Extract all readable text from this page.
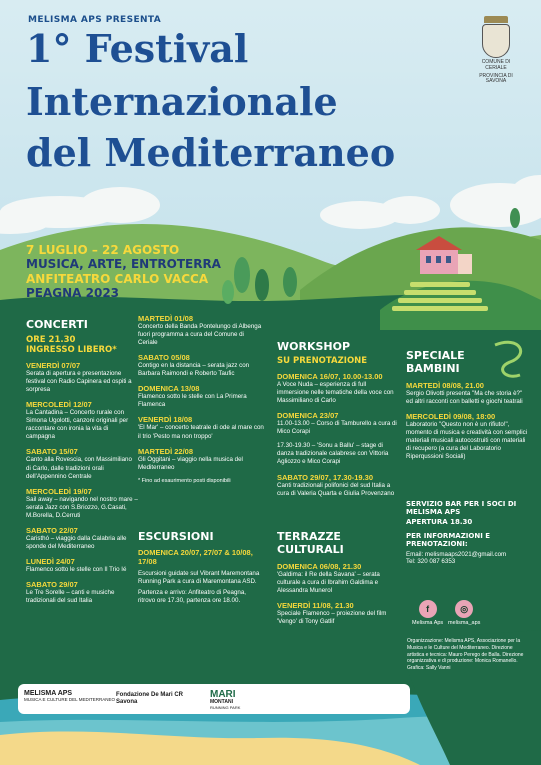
MELISMA APS PRESENTA
1° Festival
Internazionale
del Mediterraneo
COMUNE DI CERIALE
PROVINCIA DI SAVONA
7 LUGLIO – 22 AGOSTO
MUSICA, ARTE, ENTROTERRA
ANFITEATRO CARLO VACCA
PEAGNA 2023
CONCERTI
ORE 21.30
INGRESSO LIBERO*
VENERDÌ 07/07
Serata di apertura e presentazione festival con Radio Capinera ed ospiti a sorpresa
MERCOLEDÌ 12/07
La Cantadina – Concerto rurale con Simona Ugolotti, canzoni originali per raccontare con ironia la vita di campagna
SABATO 15/07
Canto alla Rovescia, con Massimiliano di Carlo, dalle tradizioni orali dell'Appennino Centrale
MERCOLEDÌ 19/07
Sail away – navigando nel nostro mare – serata Jazz con S.Briozzo, G.Casati, M.Borella, D.Cerruti
SABATO 22/07
Caristhó – viaggio dalla Calabria alle sponde del Mediterraneo
LUNEDÌ 24/07
Flamenco sotto le stelle con Il Trio Ié
SABATO 29/07
Le Tre Sorelle – canti e musiche tradizionali del sud Italia
MARTEDÌ 01/08
Concerto della Banda Pontelungo di Albenga fuori programma a cura del Comune di Ceriale
SABATO 05/08
Contigo en la distancia – serata jazz con Barbara Raimondi e Roberto Taufic
DOMENICA 13/08
Flamenco sotto le stelle con La Primera Flamenca
VENERDÌ 18/08
'El Mar' – concerto teatrale di ode al mare con il trio 'Pesto ma non troppo'
MARTEDÌ 22/08
Gli Oggitani – viaggio nella musica del Mediterraneo
* Fino ad esaurimento posti disponibili
ESCURSIONI
DOMENICA 20/07, 27/07 & 10/08, 17/08
Escursioni guidate sul Vibrant Maremontana Running Park a cura di Maremontana ASD.
Partenza e arrivo: Anfiteatro di Peagna, ritrovo ore 17.30, partenza ore 18.00.
WORKSHOP
SU PRENOTAZIONE
DOMENICA 16/07, 10.00-13.00
A Voce Nuda – esperienza di full immersione nelle tematiche della voce con Massimiliano di Carlo
DOMENICA 23/07
11.00-13.00 – Corso di Tamburello a cura di Mico Corapi
17.30-19.30 – 'Sonu a Ballu' – stage di danza tradizionale calabrese con Vittoria Agliozzo e Mico Corapi
SABATO 29/07, 17.30-19.30
Canti tradizionali polifonici del sud Italia a cura di Valeria Quarta e Giulia Provenzano
TERRAZZE
CULTURALI
DOMENICA 06/08, 21.30
'Galdima: il Re della Savana' – serata culturale a cura di Ibrahim Galdima e Alessandra Munerol
VENERDÌ 11/08, 21.30
Speciale Flamenco – proiezione del film 'Vengo' di Tony Gatlif
SPECIALE
BAMBINI
MARTEDÌ 08/08, 21.00
Sergio Olivotti presenta "Ma che storia è?" ed altri racconti con balletti e giochi teatrali
MERCOLEDÌ 09/08, 18:00
Laboratorio "Questo non è un rifiuto!", momento di musica e creatività con semplici materiali musicali autocostruiti con materiali di recupero (a cura del Laboratorio Riperqussioni Sociali)
SERVIZIO BAR PER I SOCI DI MELISMA APS
APERTURA 18.30
PER INFORMAZIONI E PRENOTAZIONI:
Email: melismaaps2021@gmail.com
Tel: 320 087 6353
f
Melisma Aps
◎
melisma_aps
Organizzazione: Melisma APS, Associazione per la Musica e le Culture del Mediterraneo. Direzione artistica e tecnica: Mauro Perego de Balla. Direzione organizzativa e di produzione: Monica Romanello. Grafica: Sally Vanni
MELISMA APS
MUSICA E CULTURE DEL MEDITERRANEO
Fondazione De Mari CR Savona
MARI
MONTANI
RUNNING PARK
